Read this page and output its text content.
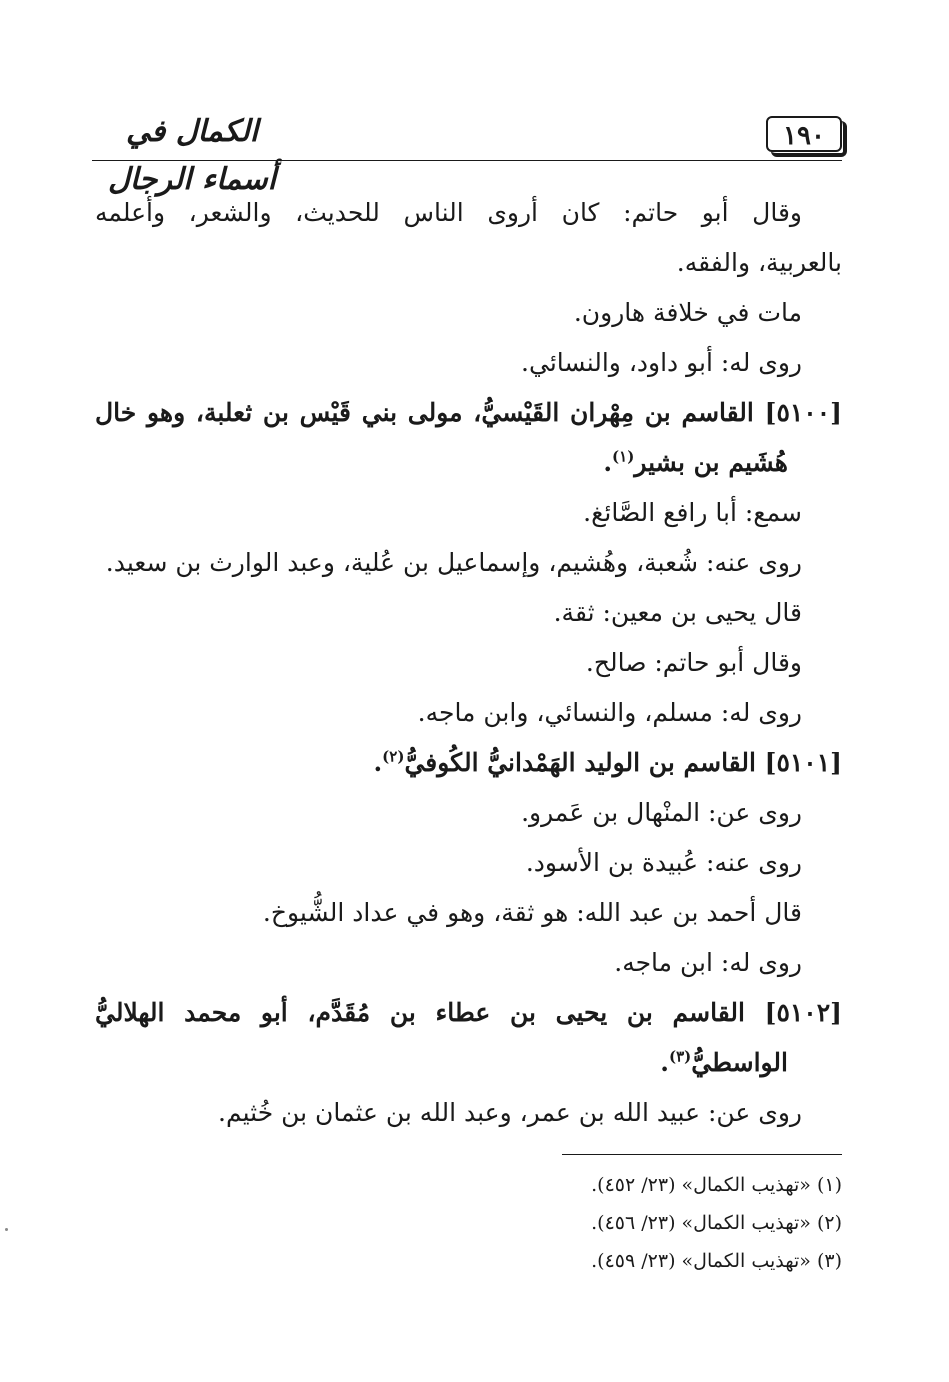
١٩٠
الكمال في أسماء الرجال
وقال أبو حاتم: كان أروى الناس للحديث، والشعر، وأعلمه
بالعربية، والفقه.
مات في خلافة هارون.
روى له: أبو داود، والنسائي.
[٥١٠٠] القاسم بن مِهْران القَيْسيُّ، مولى بني قَيْس بن ثعلبة، وهو خال
هُشَيم بن بشير$^{(١)}$.
سمع: أبا رافع الصَّائغ.
روى عنه: شُعبة، وهُشيم، وإسماعيل بن عُلية، وعبد الوارث بن سعيد.
قال يحيى بن معين: ثقة.
وقال أبو حاتم: صالح.
روى له: مسلم، والنسائي، وابن ماجه.
[٥١٠١] القاسم بن الوليد الهَمْدانيُّ الكُوفيُّ$^{(٢)}$.
روى عن: المنْهال بن عَمرو.
روى عنه: عُبيدة بن الأسود.
قال أحمد بن عبد الله: هو ثقة، وهو في عداد الشُّيوخ.
روى له: ابن ماجه.
[٥١٠٢] القاسم بن يحيى بن عطاء بن مُقَدَّم، أبو محمد الهلاليُّ
الواسطيُّ$^{(٣)}$.
روى عن: عبيد الله بن عمر، وعبد الله بن عثمان بن خُثيم.
(١) «تهذيب الكمال» (٢٣/ ٤٥٢).
(٢) «تهذيب الكمال» (٢٣/ ٤٥٦).
(٣) «تهذيب الكمال» (٢٣/ ٤٥٩).
